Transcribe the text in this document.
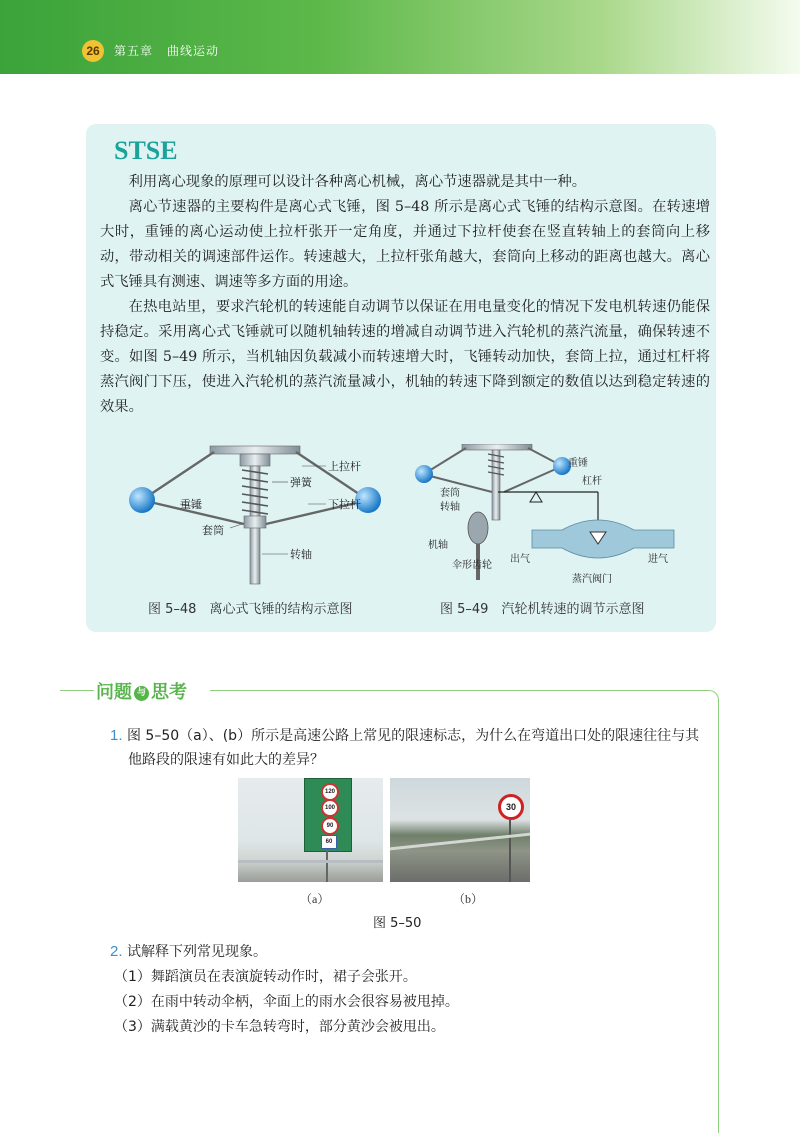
26	第五章 曲线运动
STSE
利用离心现象的原理可以设计各种离心机械，离心节速器就是其中一种。
离心节速器的主要构件是离心式飞锤，图 5–48 所示是离心式飞锤的结构示意图。在转速增大时，重锤的离心运动使上拉杆张开一定角度，并通过下拉杆使套在竖直转轴上的套筒向上移动，带动相关的调速部件运作。转速越大，上拉杆张角越大，套筒向上移动的距离也越大。离心式飞锤具有测速、调速等多方面的用途。
在热电站里，要求汽轮机的转速能自动调节以保证在用电量变化的情况下发电机转速仍能保持稳定。采用离心式飞锤就可以随机轴转速的增减自动调节进入汽轮机的蒸汽流量，确保转速不变。如图 5–49 所示，当机轴因负载减小而转速增大时，飞锤转动加快，套筒上拉，通过杠杆将蒸汽阀门下压，使进入汽轮机的蒸汽流量减小，机轴的转速下降到额定的数值以达到稳定转速的效果。
上拉杆
弹簧
重锤	下拉杆
套筒
转轴
图 5–48　离心式飞锤的结构示意图
重锤
杠杆
套筒
转轴
机轴
伞形齿轮
出气	进气
蒸汽阀门
图 5–49　汽轮机转速的调节示意图
问题 与 思考
1. 图 5–50（a）、(b）所示是高速公路上常见的限速标志，为什么在弯道出口处的限速往往与其
他路段的限速有如此大的差异？
120
100
90
60
（a）
30
（b）
图 5–50
2. 试解释下列常见现象。
（1）舞蹈演员在表演旋转动作时，裙子会张开。
（2）在雨中转动伞柄，伞面上的雨水会很容易被甩掉。
（3）满载黄沙的卡车急转弯时，部分黄沙会被甩出。
